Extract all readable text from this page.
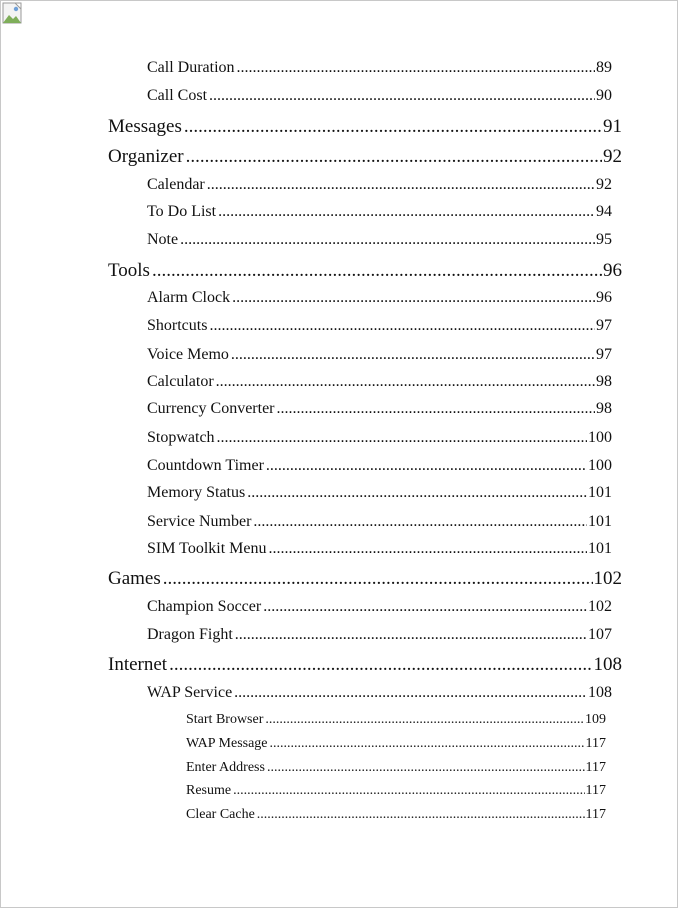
Call Duration .....	89
Call Cost .....	90
Messages .....	91
Organizer .....	92
Calendar .....	92
To Do List .....	94
Note .....	95
Tools .....	96
Alarm Clock .....	96
Shortcuts .....	97
Voice Memo .....	97
Calculator .....	98
Currency Converter .....	98
Stopwatch .....	100
Countdown Timer .....	100
Memory Status .....	101
Service Number .....	101
SIM Toolkit Menu .....	101
Games .....	102
Champion Soccer .....	102
Dragon Fight .....	107
Internet .....	108
WAP Service .....	108
Start Browser .....	109
WAP Message .....	117
Enter Address .....	117
Resume .....	117
Clear Cache .....	117
